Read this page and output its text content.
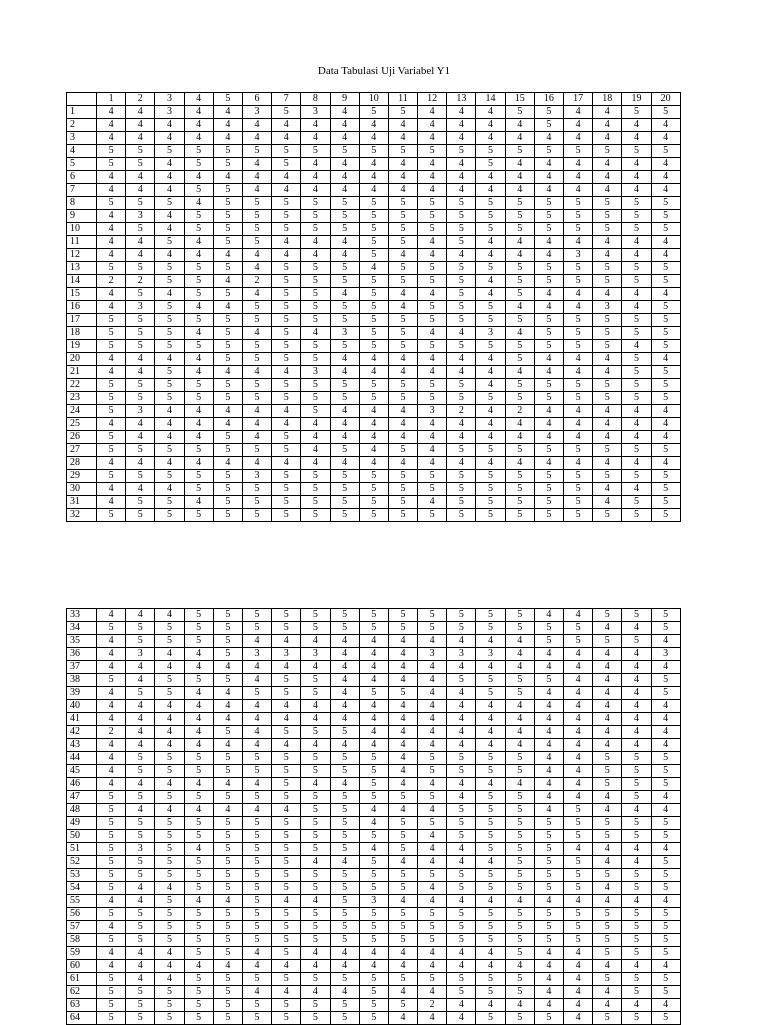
Data Tabulasi Uji Variabel Y1
	1	2	3	4	5	6	7	8	9	10	11	12	13	14	15	16	17	18	19	20
1	4	4	3	4	4	3	5	3	4	5	5	4	4	4	5	5	4	4	5	5
2	4	4	4	4	4	4	4	4	4	4	4	4	4	4	4	5	4	4	4	4
3	4	4	4	4	4	4	4	4	4	4	4	4	4	4	4	4	4	4	4	4
4	5	5	5	5	5	5	5	5	5	5	5	5	5	5	5	5	5	5	5	5
5	5	5	4	5	5	4	5	4	4	4	4	4	4	5	4	4	4	4	4	4
6	4	4	4	4	4	4	4	4	4	4	4	4	4	4	4	4	4	4	4	4
7	4	4	4	5	5	4	4	4	4	4	4	4	4	4	4	4	4	4	4	4
8	5	5	5	4	5	5	5	5	5	5	5	5	5	5	5	5	5	5	5	5
9	4	3	4	5	5	5	5	5	5	5	5	5	5	5	5	5	5	5	5	5
10	4	5	4	5	5	5	5	5	5	5	5	5	5	5	5	5	5	5	5	5
11	4	4	5	4	5	5	4	4	4	5	5	4	5	4	4	4	4	4	4	4
12	4	4	4	4	4	4	4	4	4	5	4	4	4	4	4	4	3	4	4	4
13	5	5	5	5	5	4	5	5	5	4	5	5	5	5	5	5	5	5	5	5
14	2	2	5	5	4	2	5	5	5	5	5	5	5	4	5	5	5	5	5	5
15	4	5	4	5	5	4	5	5	4	5	4	4	5	4	5	4	4	4	4	4
16	4	3	5	4	4	5	5	5	5	5	4	5	5	5	4	4	4	3	4	5
17	5	5	5	5	5	5	5	5	5	5	5	5	5	5	5	5	5	5	5	5
18	5	5	5	4	5	4	5	4	3	5	5	4	4	3	4	5	5	5	5	5
19	5	5	5	5	5	5	5	5	5	5	5	5	5	5	5	5	5	5	4	5
20	4	4	4	4	5	5	5	5	4	4	4	4	4	4	5	4	4	4	5	4
21	4	4	5	4	4	4	4	3	4	4	4	4	4	4	4	4	4	4	5	5
22	5	5	5	5	5	5	5	5	5	5	5	5	5	4	5	5	5	5	5	5
23	5	5	5	5	5	5	5	5	5	5	5	5	5	5	5	5	5	5	5	5
24	5	3	4	4	4	4	4	5	4	4	4	3	2	4	2	4	4	4	4	4
25	4	4	4	4	4	4	4	4	4	4	4	4	4	4	4	4	4	4	4	4
26	5	4	4	4	5	4	5	4	4	4	4	4	4	4	4	4	4	4	4	4
27	5	5	5	5	5	5	5	4	5	4	5	4	5	5	5	5	5	5	5	5
28	4	4	4	4	4	4	4	4	4	4	4	4	4	4	4	4	4	4	4	4
29	5	5	5	5	5	3	5	5	5	5	5	5	5	5	5	5	5	5	5	5
30	4	4	4	5	5	5	5	5	5	5	5	5	5	5	5	5	5	4	4	5
31	4	5	5	4	5	5	5	5	5	5	5	4	5	5	5	5	5	4	5	5
32	5	5	5	5	5	5	5	5	5	5	5	5	5	5	5	5	5	5	5	5
33	4	4	4	5	5	5	5	5	5	5	5	5	5	5	5	4	4	5	5	5
34	5	5	5	5	5	5	5	5	5	5	5	5	5	5	5	5	5	4	4	5
35	4	5	5	5	5	4	4	4	4	4	4	4	4	4	4	5	5	5	5	4
36	4	3	4	4	5	3	3	3	4	4	4	3	3	3	4	4	4	4	4	3
37	4	4	4	4	4	4	4	4	4	4	4	4	4	4	4	4	4	4	4	4
38	5	4	5	5	5	4	5	5	4	4	4	4	5	5	5	5	4	4	4	5
39	4	5	5	4	4	5	5	5	4	5	5	4	4	5	5	4	4	4	4	5
40	4	4	4	4	4	4	4	4	4	4	4	4	4	4	4	4	4	4	4	4
41	4	4	4	4	4	4	4	4	4	4	4	4	4	4	4	4	4	4	4	4
42	2	4	4	4	5	4	5	5	5	4	4	4	4	4	4	4	4	4	4	4
43	4	4	4	4	4	4	4	4	4	4	4	4	4	4	4	4	4	4	4	4
44	4	5	5	5	5	5	5	5	5	5	4	5	5	5	5	4	4	5	5	5
45	4	5	5	5	5	5	5	5	5	5	4	5	5	5	5	4	4	5	5	5
46	4	4	4	4	4	4	5	4	4	5	4	4	4	4	4	4	4	5	5	5
47	5	5	5	5	5	5	5	5	5	5	5	5	4	5	5	4	4	4	5	4
48	5	4	4	4	4	4	4	5	5	4	4	4	5	5	5	4	5	4	4	4
49	5	5	5	5	5	5	5	5	5	4	5	5	5	5	5	5	5	5	5	5
50	5	5	5	5	5	5	5	5	5	5	5	4	5	5	5	5	5	5	5	5
51	5	3	5	4	5	5	5	5	5	4	5	4	4	5	5	5	4	4	4	4
52	5	5	5	5	5	5	5	4	4	5	4	4	4	4	5	5	5	4	4	5
53	5	5	5	5	5	5	5	5	5	5	5	5	5	5	5	5	5	5	5	5
54	5	4	4	5	5	5	5	5	5	5	5	4	5	5	5	5	5	4	5	5
55	4	4	5	4	4	5	4	4	5	3	4	4	4	4	4	4	4	4	4	4
56	5	5	5	5	5	5	5	5	5	5	5	5	5	5	5	5	5	5	5	5
57	4	5	5	5	5	5	5	5	5	5	5	5	5	5	5	5	5	5	5	5
58	5	5	5	5	5	5	5	5	5	5	5	5	5	5	5	5	5	5	5	5
59	4	4	4	5	5	4	5	4	4	4	4	4	4	4	5	4	4	5	5	5
60	4	4	4	4	4	4	4	4	4	4	4	4	4	4	4	4	4	4	4	4
61	5	4	4	5	5	5	5	5	5	5	5	5	5	5	5	4	4	5	5	5
62	5	5	5	5	5	4	4	4	4	5	4	4	5	5	5	4	4	4	5	5
63	5	5	5	5	5	5	5	5	5	5	5	2	4	4	4	4	4	4	4	4
64	5	5	5	5	5	5	5	5	5	5	4	4	4	5	5	5	4	5	5	5
